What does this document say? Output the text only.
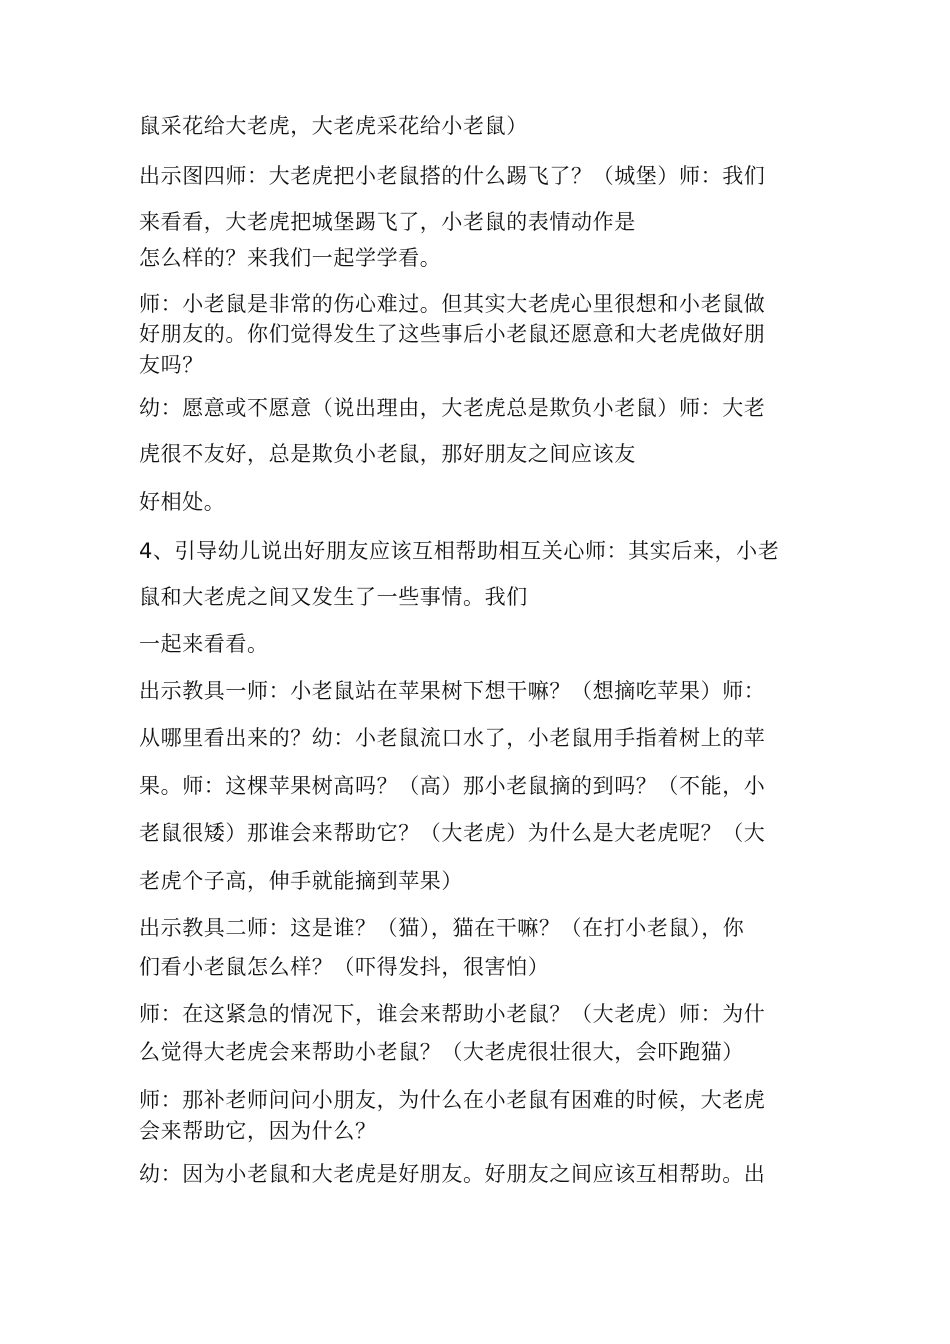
鼠采花给大老虎，大老虎采花给小老鼠）
出示图四师：大老虎把小老鼠搭的什么踢飞了？（城堡）师：我们
来看看，大老虎把城堡踢飞了，小老鼠的表情动作是
怎么样的？来我们一起学学看。
师：小老鼠是非常的伤心难过。但其实大老虎心里很想和小老鼠做
好朋友的。你们觉得发生了这些事后小老鼠还愿意和大老虎做好朋
友吗？
幼：愿意或不愿意（说出理由，大老虎总是欺负小老鼠）师：大老
虎很不友好，总是欺负小老鼠，那好朋友之间应该友
好相处。
4、引导幼儿说出好朋友应该互相帮助相互关心师：其实后来，小老
鼠和大老虎之间又发生了一些事情。我们
一起来看看。
出示教具一师：小老鼠站在苹果树下想干嘛？（想摘吃苹果）师：
从哪里看出来的？幼：小老鼠流口水了，小老鼠用手指着树上的苹
果。师：这棵苹果树高吗？（高）那小老鼠摘的到吗？（不能，小
老鼠很矮）那谁会来帮助它？（大老虎）为什么是大老虎呢？（大
老虎个子高，伸手就能摘到苹果）
出示教具二师：这是谁？（猫），猫在干嘛？（在打小老鼠），你
们看小老鼠怎么样？（吓得发抖，很害怕）
师：在这紧急的情况下，谁会来帮助小老鼠？（大老虎）师：为什
么觉得大老虎会来帮助小老鼠？（大老虎很壮很大，会吓跑猫）
师：那补老师问问小朋友，为什么在小老鼠有困难的时候，大老虎
会来帮助它，因为什么？
幼：因为小老鼠和大老虎是好朋友。好朋友之间应该互相帮助。出
